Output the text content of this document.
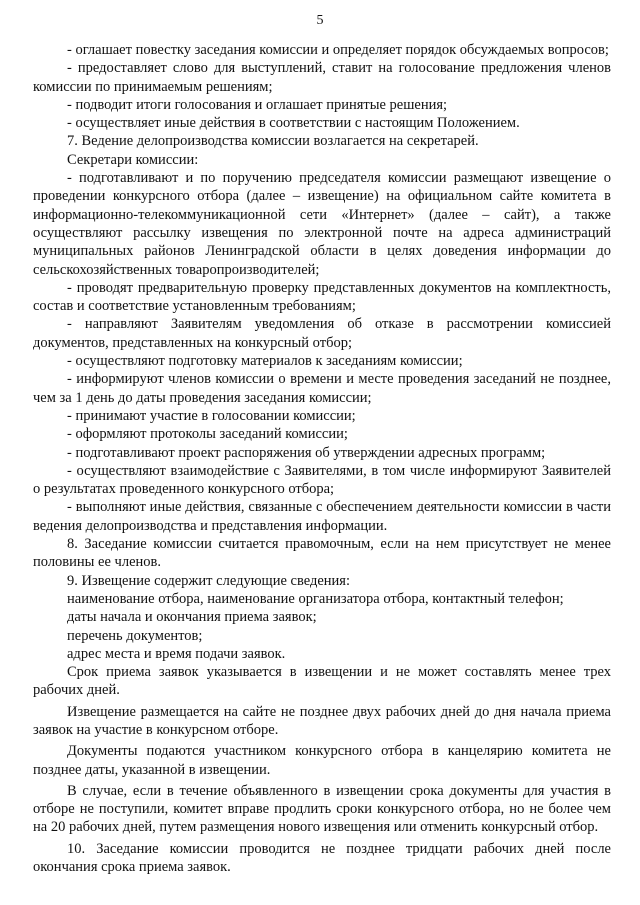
5

- оглашает повестку заседания комиссии и определяет порядок обсуждаемых вопросов;

- предоставляет слово для выступлений, ставит на голосование предложения членов комиссии по принимаемым решениям;

- подводит итоги голосования и оглашает принятые решения;

- осуществляет иные действия в соответствии с настоящим Положением.

7. Ведение делопроизводства комиссии возлагается на секретарей.

Секретари комиссии:

- подготавливают и по поручению председателя комиссии размещают извещение о проведении конкурсного отбора (далее – извещение) на официальном сайте комитета в информационно-телекоммуникационной сети «Интернет» (далее – сайт), а также осуществляют рассылку извещения по электронной почте на адреса администраций муниципальных районов Ленинградской области в целях доведения информации до сельскохозяйственных товаропроизводителей;

- проводят предварительную проверку представленных документов на комплектность, состав и соответствие установленным требованиям;

- направляют Заявителям уведомления об отказе в рассмотрении комиссией документов, представленных на конкурсный отбор;

- осуществляют подготовку материалов к заседаниям комиссии;

- информируют членов комиссии о времени и месте проведения заседаний не позднее, чем за 1 день до даты проведения заседания комиссии;

- принимают участие в голосовании комиссии;

- оформляют протоколы заседаний комиссии;

- подготавливают проект распоряжения об утверждении адресных программ;

- осуществляют взаимодействие с Заявителями, в том числе информируют Заявителей о результатах проведенного конкурсного отбора;

- выполняют иные действия, связанные с обеспечением деятельности комиссии в части ведения делопроизводства и представления информации.

8. Заседание комиссии считается правомочным, если на нем присутствует не менее половины ее членов.

9. Извещение содержит следующие сведения:

наименование отбора, наименование организатора отбора, контактный телефон;

даты начала и окончания приема заявок;

перечень документов;

адрес места и время подачи заявок.

Срок приема заявок указывается в извещении и не может составлять менее трех рабочих дней.

Извещение размещается на сайте не позднее двух рабочих дней до дня начала приема заявок на участие в конкурсном отборе.

Документы подаются участником конкурсного отбора в канцелярию комитета не позднее даты, указанной в извещении.

В случае, если в течение объявленного в извещении срока документы для участия в отборе не поступили, комитет вправе продлить сроки конкурсного отбора, но не более чем на 20 рабочих дней, путем размещения нового извещения или отменить конкурсный отбор.

10. Заседание комиссии проводится не позднее тридцати рабочих дней после окончания срока приема заявок.
